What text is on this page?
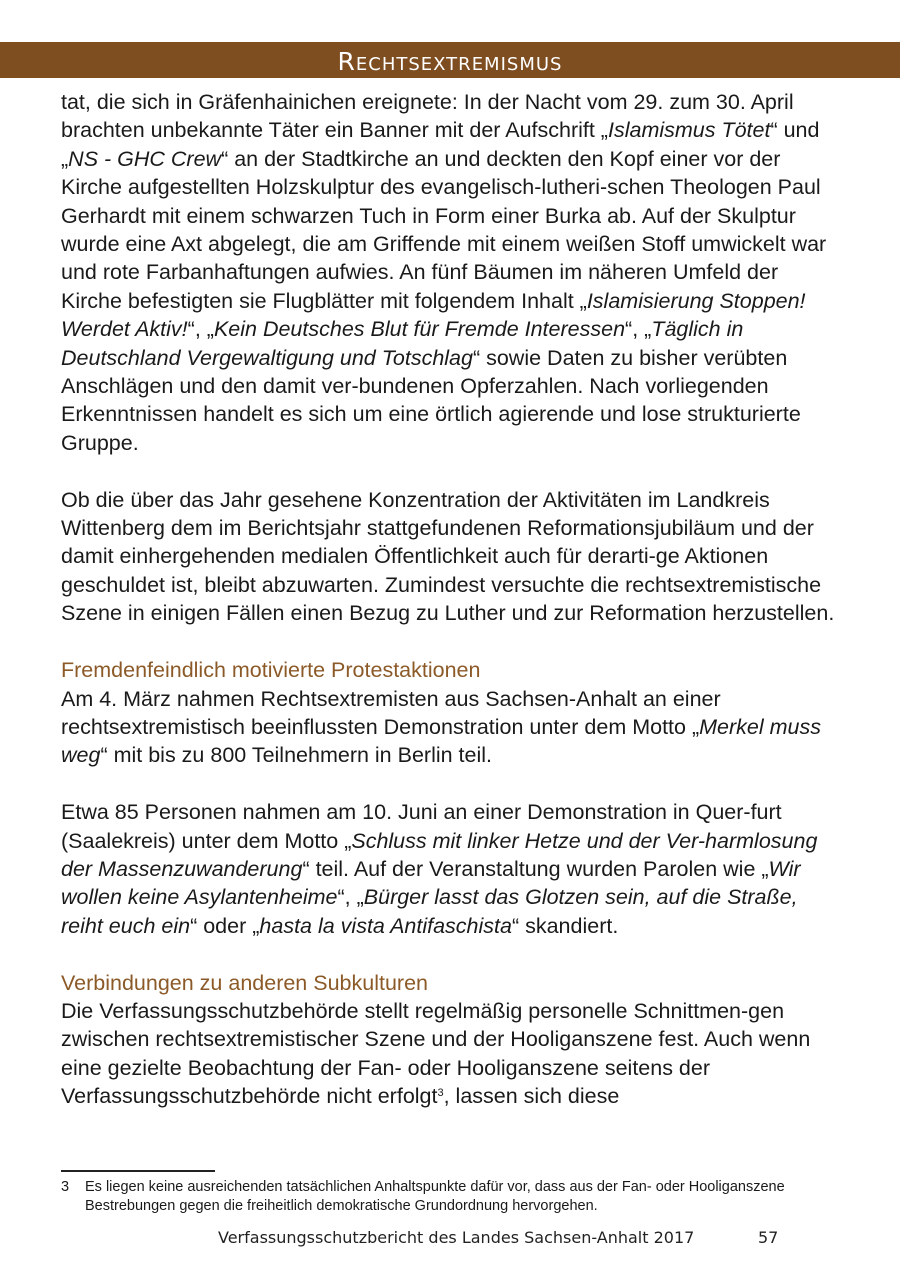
Rechtsextremismus

tat, die sich in Gräfenhainichen ereignete: In der Nacht vom 29. zum 30. April brachten unbekannte Täter ein Banner mit der Aufschrift „Islamismus Tötet“ und „NS - GHC Crew“ an der Stadtkirche an und deckten den Kopf einer vor der Kirche aufgestellten Holzskulptur des evangelisch-lutheri-schen Theologen Paul Gerhardt mit einem schwarzen Tuch in Form einer Burka ab. Auf der Skulptur wurde eine Axt abgelegt, die am Griffende mit einem weißen Stoff umwickelt war und rote Farbanhaftungen aufwies. An fünf Bäumen im näheren Umfeld der Kirche befestigten sie Flugblätter mit folgendem Inhalt „Islamisierung Stoppen! Werdet Aktiv!“, „Kein Deutsches Blut für Fremde Interessen“, „Täglich in Deutschland Vergewaltigung und Totschlag“ sowie Daten zu bisher verübten Anschlägen und den damit ver-bundenen Opferzahlen. Nach vorliegenden Erkenntnissen handelt es sich um eine örtlich agierende und lose strukturierte Gruppe.

Ob die über das Jahr gesehene Konzentration der Aktivitäten im Landkreis Wittenberg dem im Berichtsjahr stattgefundenen Reformationsjubiläum und der damit einhergehenden medialen Öffentlichkeit auch für derarti-ge Aktionen geschuldet ist, bleibt abzuwarten. Zumindest versuchte die rechtsextremistische Szene in einigen Fällen einen Bezug zu Luther und zur Reformation herzustellen.

Fremdenfeindlich motivierte Protestaktionen

Am 4. März nahmen Rechtsextremisten aus Sachsen-Anhalt an einer rechtsextremistisch beeinflussten Demonstration unter dem Motto „Merkel muss weg“ mit bis zu 800 Teilnehmern in Berlin teil.

Etwa 85 Personen nahmen am 10. Juni an einer Demonstration in Quer-furt (Saalekreis) unter dem Motto „Schluss mit linker Hetze und der Ver-harmlosung der Massenzuwanderung“ teil. Auf der Veranstaltung wurden Parolen wie „Wir wollen keine Asylantenheime“, „Bürger lasst das Glotzen sein, auf die Straße, reiht euch ein“ oder „hasta la vista Antifaschista“ skandiert.

Verbindungen zu anderen Subkulturen

Die Verfassungsschutzbehörde stellt regelmäßig personelle Schnittmen-gen zwischen rechtsextremistischer Szene und der Hooliganszene fest. Auch wenn eine gezielte Beobachtung der Fan- oder Hooliganszene seitens der Verfassungsschutzbehörde nicht erfolgt$^3$, lassen sich diese

3	Es liegen keine ausreichenden tatsächlichen Anhaltspunkte dafür vor, dass aus der Fan- oder Hooliganszene Bestrebungen gegen die freiheitlich demokratische Grundordnung hervorgehen.
Verfassungsschutzbericht des Landes Sachsen-Anhalt 2017	57
